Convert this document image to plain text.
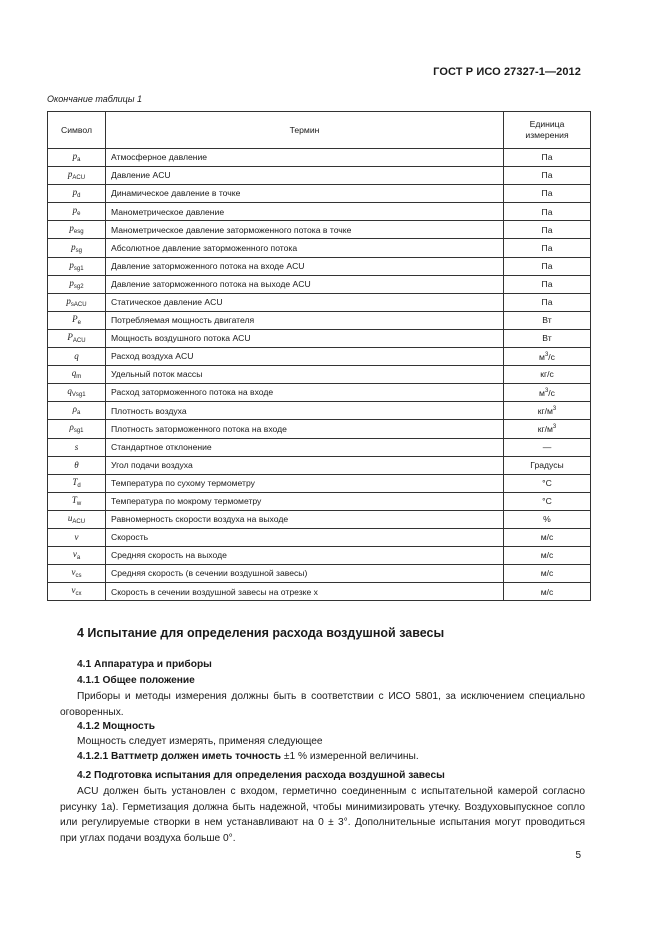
ГОСТ Р ИСО 27327-1—2012
Окончание таблицы 1
Символ	Термин	Единица измерения
$p_a$	Атмосферное давление	Па
$p_{ACU}$	Давление ACU	Па
$p_d$	Динамическое давление в точке	Па
$p_e$	Манометрическое давление	Па
$p_{esg}$	Манометрическое давление заторможенного потока в точке	Па
$p_{sg}$	Абсолютное давление заторможенного потока	Па
$p_{sg1}$	Давление заторможенного потока на входе ACU	Па
$p_{sg2}$	Давление заторможенного потока на выходе ACU	Па
$p_{sACU}$	Статическое давление ACU	Па
$P_e$	Потребляемая мощность двигателя	Вт
$P_{ACU}$	Мощность воздушного потока ACU	Вт
q	Расход воздуха ACU	$м^3/с$
$q_m$	Удельный поток массы	кг/с
$q_{Vsg1}$	Расход заторможенного потока на входе	$м^3/с$
$\rho_a$	Плотность воздуха	$кг/м^3$
$\rho_{sg1}$	Плотность заторможенного потока на входе	$кг/м^3$
s	Стандартное отклонение	—
θ	Угол подачи воздуха	Градусы
$T_d$	Температура по сухому термометру	°С
$T_w$	Температура по мокрому термометру	°С
$u_{ACU}$	Равномерность скорости воздуха на выходе	%
v	Скорость	м/с
$v_a$	Средняя скорость на выходе	м/с
$v_{cs}$	Средняя скорость (в сечении воздушной завесы)	м/с
$v_{cx}$	Скорость в сечении воздушной завесы на отрезке x	м/с
4 Испытание для определения расхода воздушной завесы
4.1 Аппаратура и приборы
4.1.1 Общее положение
Приборы и методы измерения должны быть в соответствии с ИСО 5801, за исключением специально оговоренных.
4.1.2 Мощность
Мощность следует измерять, применяя следующее
4.1.2.1 Ваттметр должен иметь точность ±1 % измеренной величины.
4.2 Подготовка испытания для определения расхода воздушной завесы
ACU должен быть установлен с входом, герметично соединенным с испытательной камерой согласно рисунку 1а). Герметизация должна быть надежной, чтобы минимизировать утечку. Воздуховыпускное сопло или регулируемые створки в нем устанавливают на 0 ± 3°. Дополнительные испытания могут проводиться при углах подачи воздуха больше 0°.
5
